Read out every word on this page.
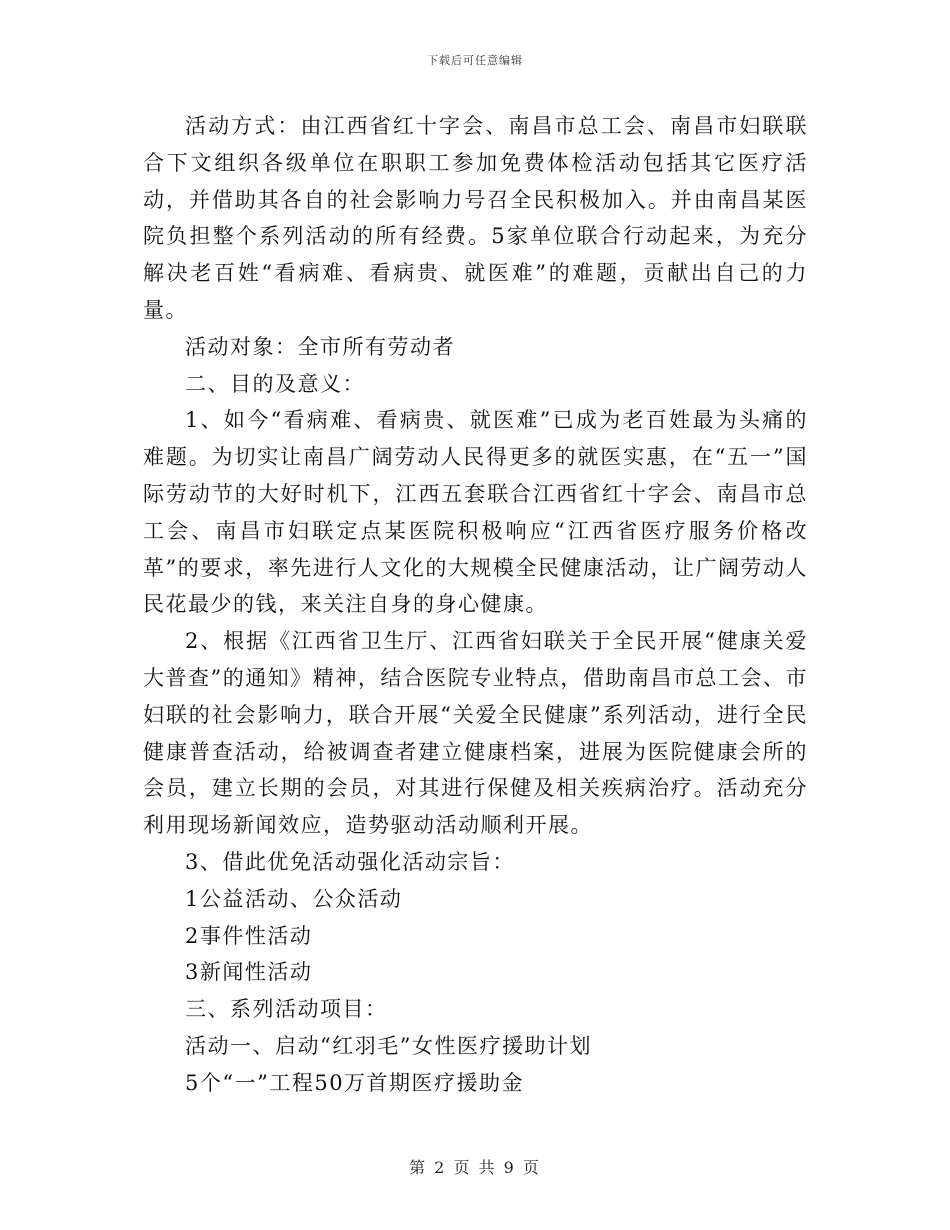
下载后可任意编辑

活动方式：由江西省红十字会、南昌市总工会、南昌市妇联联合下文组织各级单位在职职工参加免费体检活动包括其它医疗活动，并借助其各自的社会影响力号召全民积极加入。并由南昌某医院负担整个系列活动的所有经费。5家单位联合行动起来，为充分解决老百姓“看病难、看病贵、就医难”的难题，贡献出自己的力量。

活动对象：全市所有劳动者

二、目的及意义：

1、如今“看病难、看病贵、就医难”已成为老百姓最为头痛的难题。为切实让南昌广阔劳动人民得更多的就医实惠，在“五一”国际劳动节的大好时机下，江西五套联合江西省红十字会、南昌市总工会、南昌市妇联定点某医院积极响应“江西省医疗服务价格改革”的要求，率先进行人文化的大规模全民健康活动，让广阔劳动人民花最少的钱，来关注自身的身心健康。

2、根据《江西省卫生厅、江西省妇联关于全民开展“健康关爱大普查”的通知》精神，结合医院专业特点，借助南昌市总工会、市妇联的社会影响力，联合开展“关爱全民健康”系列活动，进行全民健康普查活动，给被调查者建立健康档案，进展为医院健康会所的会员，建立长期的会员，对其进行保健及相关疾病治疗。活动充分利用现场新闻效应，造势驱动活动顺利开展。

3、借此优免活动强化活动宗旨：

1公益活动、公众活动

2事件性活动

3新闻性活动

三、系列活动项目：

活动一、启动“红羽毛”女性医疗援助计划

5个“一”工程50万首期医疗援助金

第 2 页 共 9 页
